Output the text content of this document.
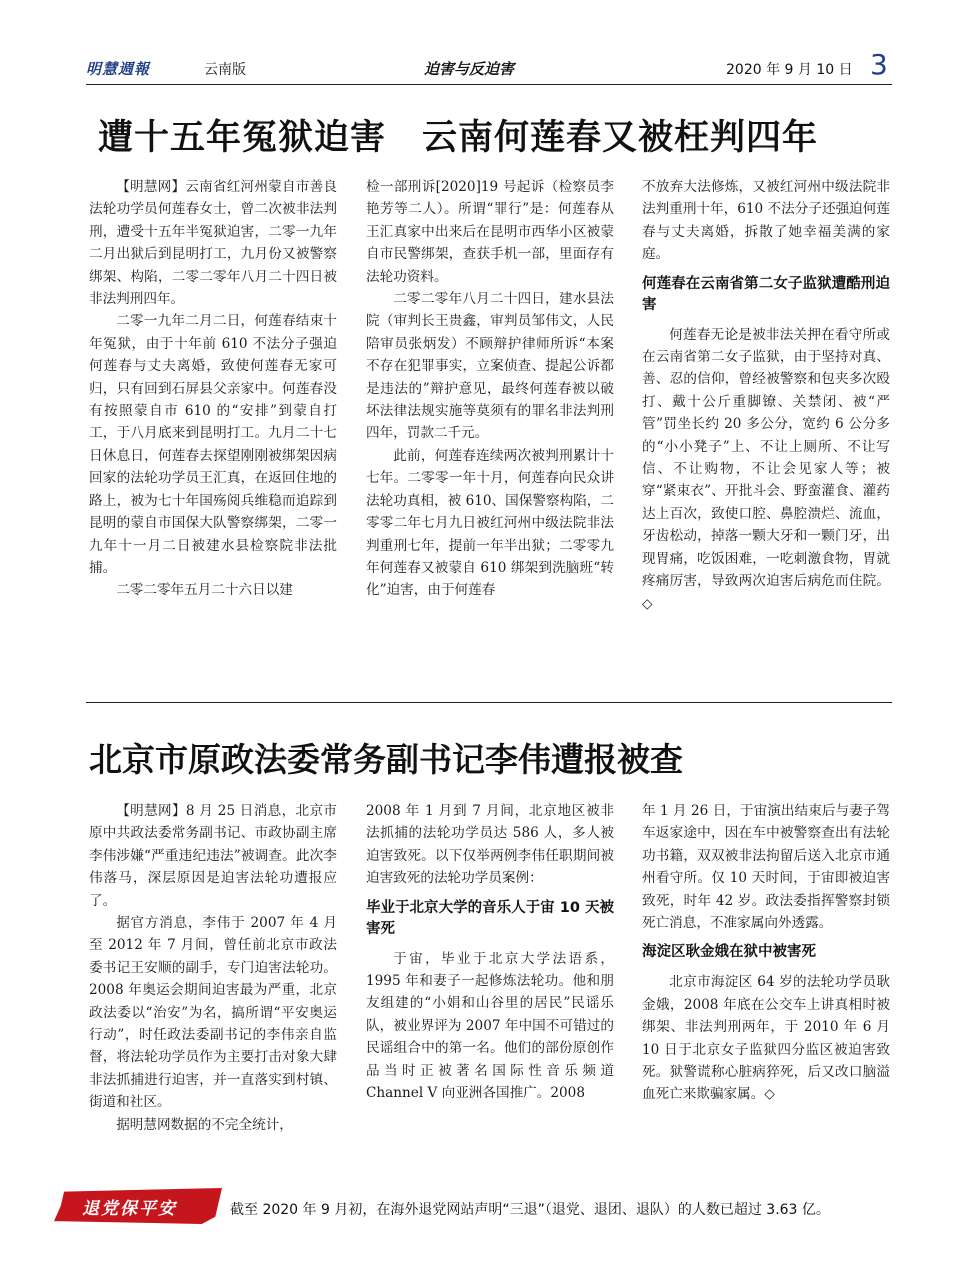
明慧週報	云南版	迫害与反迫害	2020 年 9 月 10 日 3
遭十五年冤狱迫害　云南何莲春又被枉判四年

【明慧网】云南省红河州蒙自市善良法轮功学员何莲春女士，曾二次被非法判刑，遭受十五年半冤狱迫害，二零一九年二月出狱后到昆明打工，九月份又被警察绑架、构陷，二零二零年八月二十四日被非法判刑四年。

二零一九年二月二日，何莲春结束十年冤狱，由于十年前 610 不法分子强迫何莲春与丈夫离婚，致使何莲春无家可归，只有回到石屏县父亲家中。何莲春没有按照蒙自市 610 的“安排”到蒙自打工，于八月底来到昆明打工。九月二十七日休息日，何莲春去探望刚刚被绑架因病回家的法轮功学员王汇真，在返回住地的路上，被为七十年国殇阅兵维稳而追踪到昆明的蒙自市国保大队警察绑架，二零一九年十一月二日被建水县检察院非法批捕。

二零二零年五月二十六日以建

检一部刑诉[2020]19 号起诉（检察员李艳芳等二人）。所谓“罪行”是：何莲春从王汇真家中出来后在昆明市西华小区被蒙自市民警绑架，查获手机一部，里面存有法轮功资料。

二零二零年八月二十四日，建水县法院（审判长王贵鑫，审判员邹伟文，人民陪审员张炳发）不顾辩护律师所诉“本案不存在犯罪事实，立案侦查、提起公诉都是违法的”辩护意见，最终何莲春被以破坏法律法规实施等莫须有的罪名非法判刑四年，罚款二千元。

此前，何莲春连续两次被判刑累计十七年。二零零一年十月，何莲春向民众讲法轮功真相，被 610、国保警察构陷，二零零二年七月九日被红河州中级法院非法判重刑七年，提前一年半出狱；二零零九年何莲春又被蒙自 610 绑架到洗脑班“转化”迫害，由于何莲春

不放弃大法修炼，又被红河州中级法院非法判重刑十年，610 不法分子还强迫何莲春与丈夫离婚，拆散了她幸福美满的家庭。

何莲春在云南省第二女子监狱遭酷刑迫害

何莲春无论是被非法关押在看守所或在云南省第二女子监狱，由于坚持对真、善、忍的信仰，曾经被警察和包夹多次殴打、戴十公斤重脚镣、关禁闭、被“严管”罚坐长约 20 多公分，宽约 6 公分多的“小小凳子”上、不让上厕所、不让写信、不让购物，不让会见家人等；被穿“紧束衣”、开批斗会、野蛮灌食、灌药达上百次，致使口腔、鼻腔溃烂、流血，牙齿松动，掉落一颗大牙和一颗门牙，出现胃痛，吃饭困难，一吃刺激食物，胃就疼痛厉害，导致两次迫害后病危而住院。◇

北京市原政法委常务副书记李伟遭报被查

【明慧网】8 月 25 日消息，北京市原中共政法委常务副书记、市政协副主席李伟涉嫌“严重违纪违法”被调查。此次李伟落马，深层原因是迫害法轮功遭报应了。

据官方消息，李伟于 2007 年 4 月至 2012 年 7 月间，曾任前北京市政法委书记王安顺的副手，专门迫害法轮功。2008 年奥运会期间迫害最为严重，北京政法委以“治安”为名，搞所谓“平安奥运行动”，时任政法委副书记的李伟亲自监督，将法轮功学员作为主要打击对象大肆非法抓捕进行迫害，并一直落实到村镇、街道和社区。

据明慧网数据的不完全统计，

2008 年 1 月到 7 月间，北京地区被非法抓捕的法轮功学员达 586 人，多人被迫害致死。以下仅举两例李伟任职期间被迫害致死的法轮功学员案例：

毕业于北京大学的音乐人于宙 10 天被害死

于宙，毕业于北京大学法语系，1995 年和妻子一起修炼法轮功。他和朋友组建的“小娟和山谷里的居民”民谣乐队，被业界评为 2007 年中国不可错过的民谣组合中的第一名。他们的部份原创作品当时正被著名国际性音乐频道 Channel V 向亚洲各国推广。2008

年 1 月 26 日，于宙演出结束后与妻子驾车返家途中，因在车中被警察查出有法轮功书籍，双双被非法拘留后送入北京市通州看守所。仅 10 天时间，于宙即被迫害致死，时年 42 岁。政法委指挥警察封锁死亡消息，不准家属向外透露。

海淀区耿金娥在狱中被害死

北京市海淀区 64 岁的法轮功学员耿金娥，2008 年底在公交车上讲真相时被绑架、非法判刑两年，于 2010 年 6 月 10 日于北京女子监狱四分监区被迫害致死。狱警谎称心脏病猝死，后又改口脑溢血死亡来欺骗家属。◇

退党保平安	截至 2020 年 9 月初，在海外退党网站声明“三退”（退党、退团、退队）的人数已超过 3.63 亿。
